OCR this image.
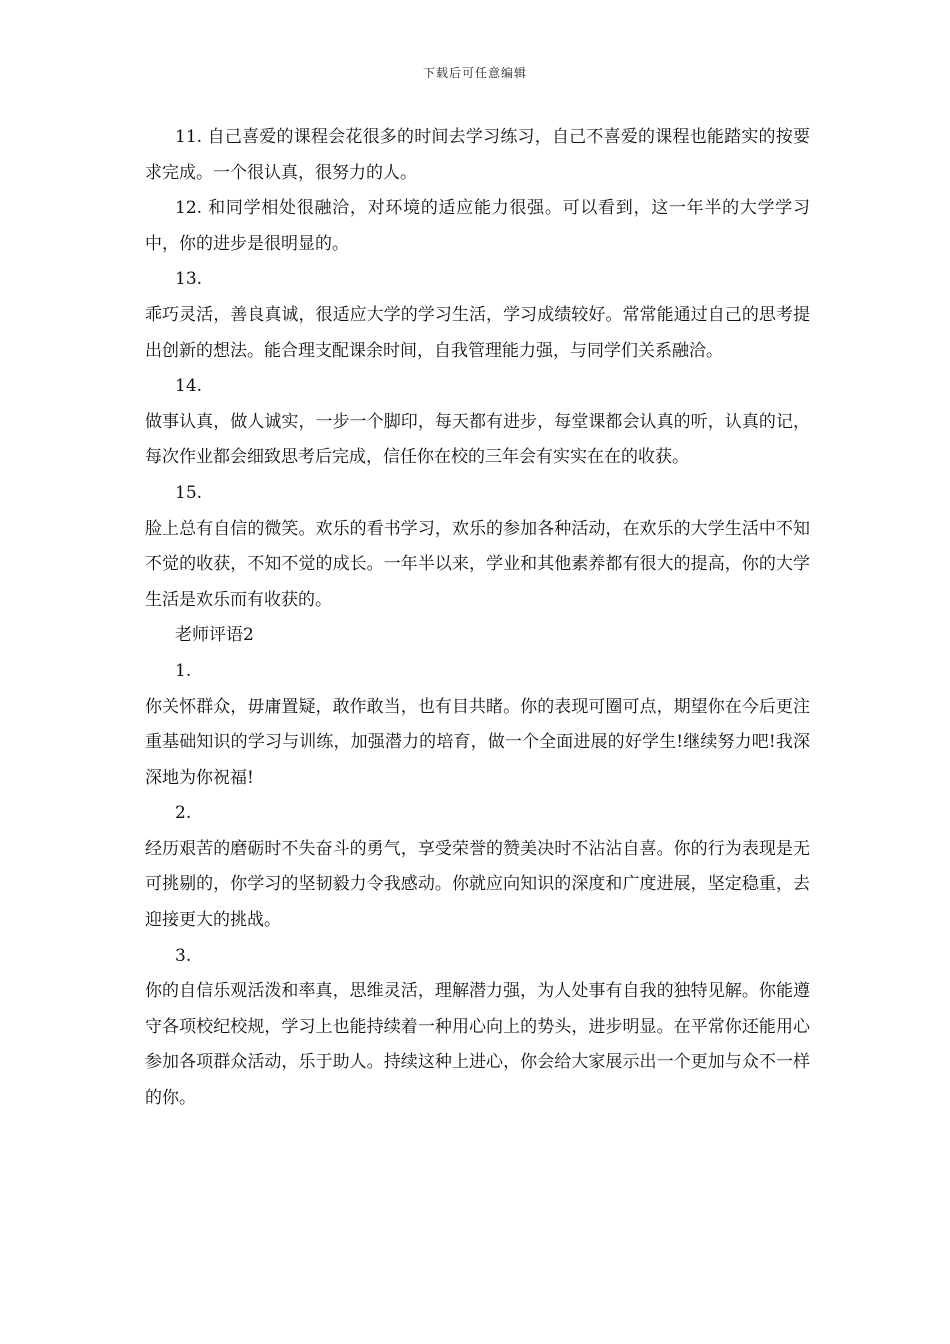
下载后可任意编辑

11. 自己喜爱的课程会花很多的时间去学习练习，自己不喜爱的课程也能踏实的按要求完成。一个很认真，很努力的人。

12. 和同学相处很融洽，对环境的适应能力很强。可以看到，这一年半的大学学习中，你的进步是很明显的。

13.

乖巧灵活，善良真诚，很适应大学的学习生活，学习成绩较好。常常能通过自己的思考提出创新的想法。能合理支配课余时间，自我管理能力强，与同学们关系融洽。

14.

做事认真，做人诚实，一步一个脚印，每天都有进步，每堂课都会认真的听，认真的记，每次作业都会细致思考后完成，信任你在校的三年会有实实在在的收获。

15.

脸上总有自信的微笑。欢乐的看书学习，欢乐的参加各种活动，在欢乐的大学生活中不知不觉的收获，不知不觉的成长。一年半以来，学业和其他素养都有很大的提高，你的大学生活是欢乐而有收获的。

老师评语2

1.

你关怀群众，毋庸置疑，敢作敢当，也有目共睹。你的表现可圈可点，期望你在今后更注重基础知识的学习与训练，加强潜力的培育，做一个全面进展的好学生!继续努力吧!我深深地为你祝福!

2.

经历艰苦的磨砺时不失奋斗的勇气，享受荣誉的赞美决时不沾沾自喜。你的行为表现是无可挑剔的，你学习的坚韧毅力令我感动。你就应向知识的深度和广度进展，坚定稳重，去迎接更大的挑战。

3.

你的自信乐观活泼和率真，思维灵活，理解潜力强，为人处事有自我的独特见解。你能遵守各项校纪校规，学习上也能持续着一种用心向上的势头，进步明显。在平常你还能用心参加各项群众活动，乐于助人。持续这种上进心，你会给大家展示出一个更加与众不一样的你。
